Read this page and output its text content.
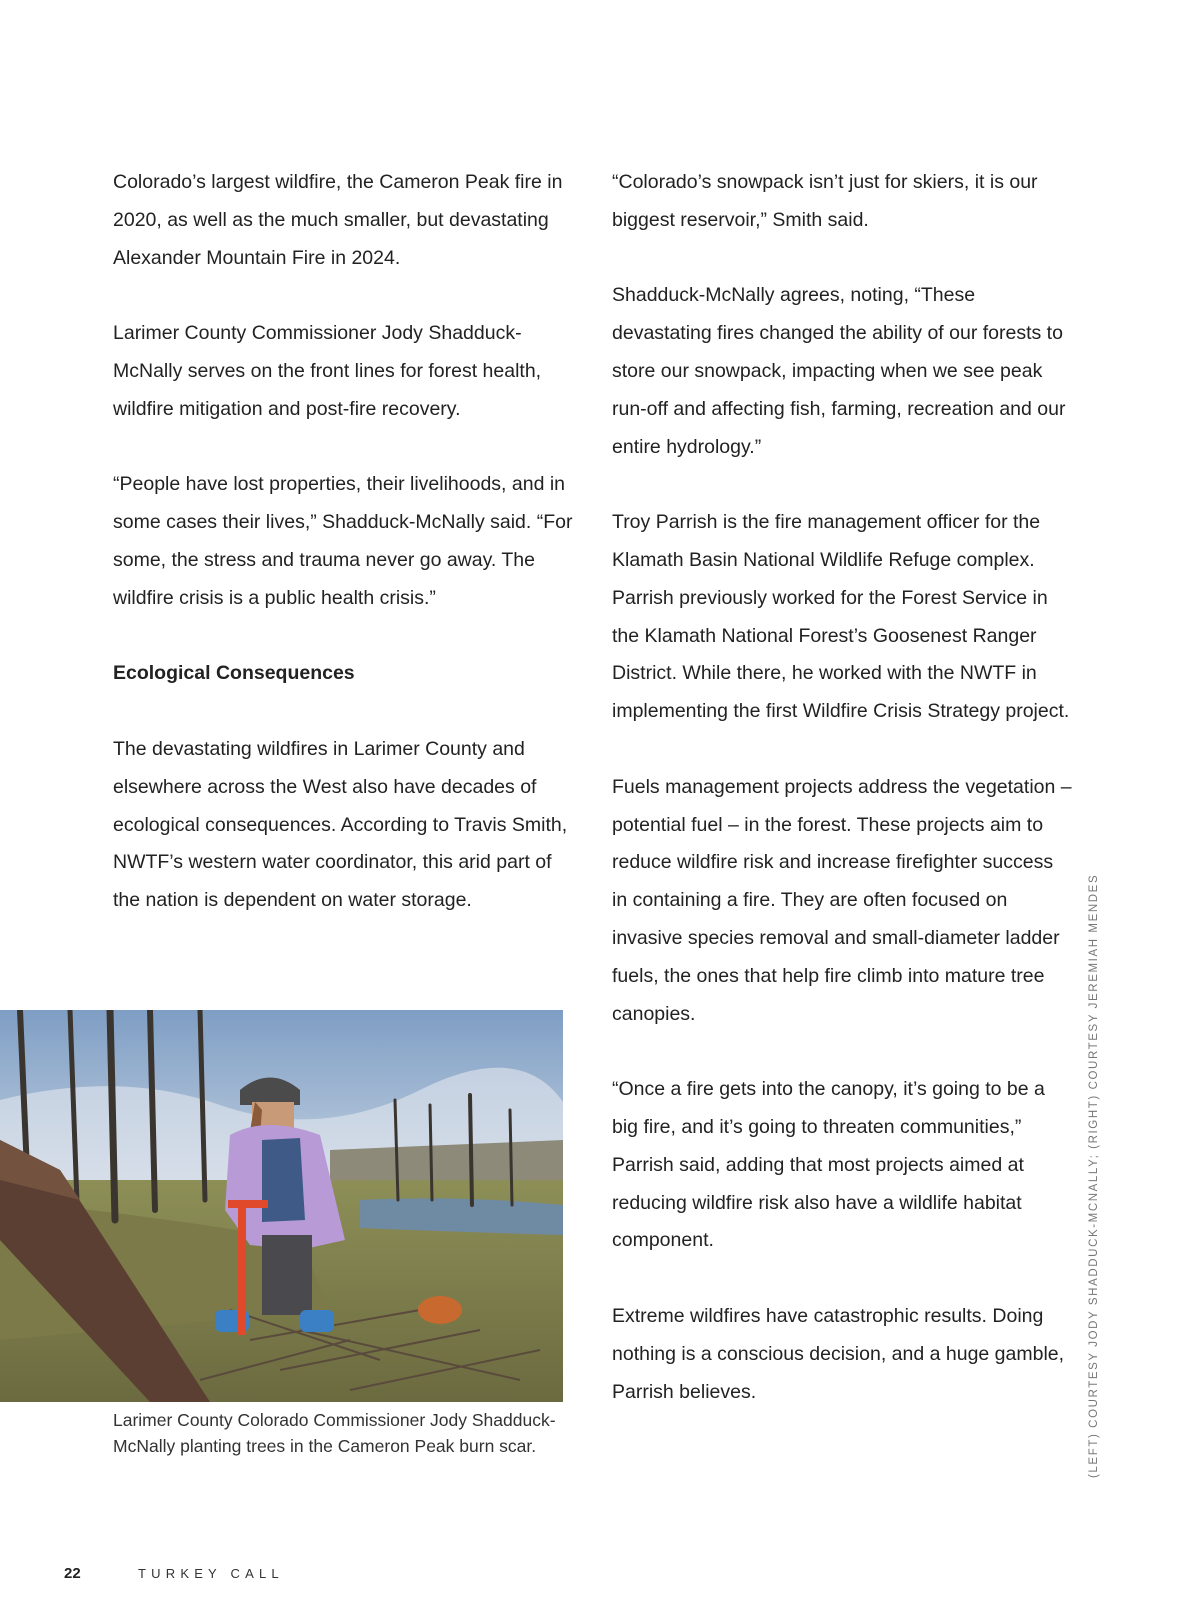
Colorado’s largest wildfire, the Cameron Peak fire in 2020, as well as the much smaller, but devastating Alexander Mountain Fire in 2024.

Larimer County Commissioner Jody Shadduck-McNally serves on the front lines for forest health, wildfire mitigation and post-fire recovery.

“People have lost properties, their livelihoods, and in some cases their lives,” Shadduck-McNally said. “For some, the stress and trauma never go away. The wildfire crisis is a public health crisis.”

Ecological Consequences

The devastating wildfires in Larimer County and elsewhere across the West also have decades of ecological consequences. According to Travis Smith, NWTF’s western water coordinator, this arid part of the nation is dependent on water storage.

Larimer County Colorado Commissioner Jody Shadduck-McNally planting trees in the Cameron Peak burn scar.

“Colorado’s snowpack isn’t just for skiers, it is our biggest reservoir,” Smith said.

Shadduck-McNally agrees, noting, “These devastating fires changed the ability of our forests to store our snowpack, impacting when we see peak run-off and affecting fish, farming, recreation and our entire hydrology.”

Troy Parrish is the fire management officer for the Klamath Basin National Wildlife Refuge complex. Parrish previously worked for the Forest Service in the Klamath National Forest’s Goosenest Ranger District. While there, he worked with the NWTF in implementing the first Wildfire Crisis Strategy project.

Fuels management projects address the vegetation – potential fuel – in the forest. These projects aim to reduce wildfire risk and increase firefighter success in containing a fire. They are often focused on invasive species removal and small-diameter ladder fuels, the ones that help fire climb into mature tree canopies.

“Once a fire gets into the canopy, it’s going to be a big fire, and it’s going to threaten communities,” Parrish said, adding that most projects aimed at reducing wildfire risk also have a wildlife habitat component.

Extreme wildfires have catastrophic results. Doing nothing is a conscious decision, and a huge gamble, Parrish believes.	(LEFT) COURTESY JODY SHADDUCK-MCNALLY; (RIGHT) COURTESY JEREMIAH MENDES
22	TURKEY CALL
